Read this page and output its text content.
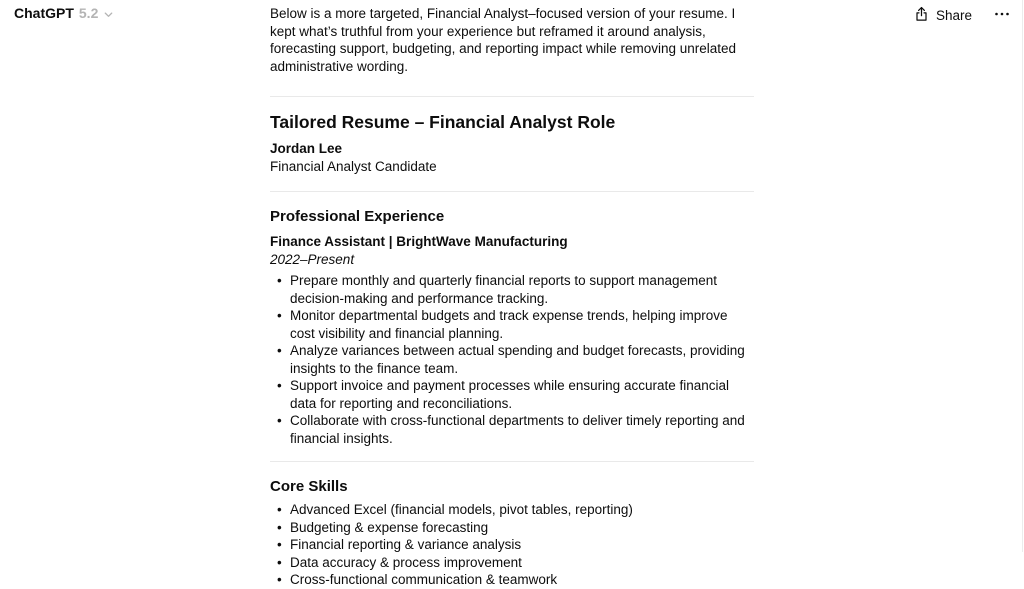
ChatGPT 5.2	Share

Below is a more targeted, Financial Analyst–focused version of your resume. I kept what’s truthful from your experience but reframed it around analysis, forecasting support, budgeting, and reporting impact while removing unrelated administrative wording.

Tailored Resume – Financial Analyst Role
Jordan Lee
Financial Analyst Candidate
Professional Experience
Finance Assistant | BrightWave Manufacturing
2022–Present
• Prepare monthly and quarterly financial reports to support management decision-making and performance tracking.
• Monitor departmental budgets and track expense trends, helping improve cost visibility and financial planning.
• Analyze variances between actual spending and budget forecasts, providing insights to the finance team.
• Support invoice and payment processes while ensuring accurate financial data for reporting and reconciliations.
• Collaborate with cross-functional departments to deliver timely reporting and financial insights.
Core Skills
• Advanced Excel (financial models, pivot tables, reporting)
• Budgeting & expense forecasting
• Financial reporting & variance analysis
• Data accuracy & process improvement
• Cross-functional communication & teamwork
